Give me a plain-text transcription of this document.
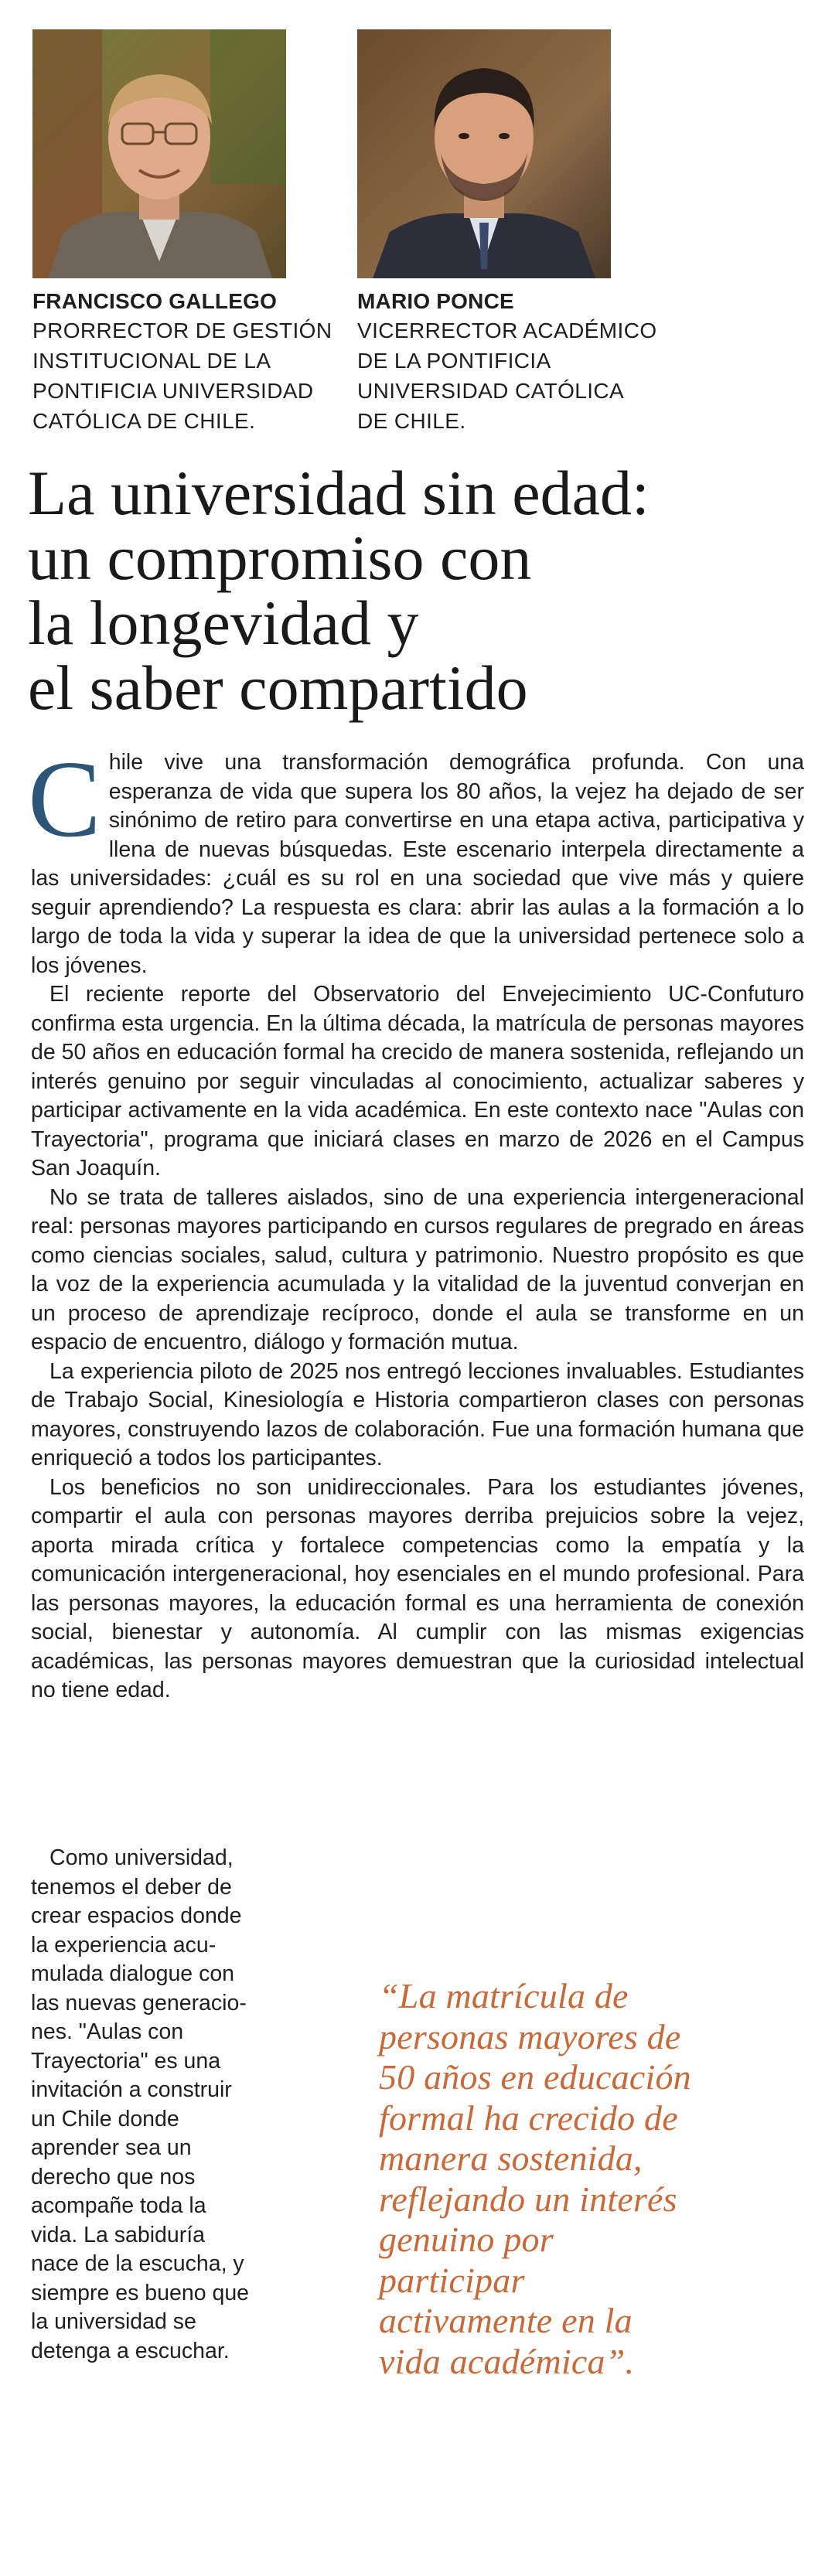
FRANCISCO GALLEGO
PRORRECTOR DE GESTIÓN
INSTITUCIONAL DE LA
PONTIFICIA UNIVERSIDAD
CATÓLICA DE CHILE.
MARIO PONCE
VICERRECTOR ACADÉMICO
DE LA PONTIFICIA
UNIVERSIDAD CATÓLICA
DE CHILE.
La universidad sin edad:
un compromiso con
la longevidad y
el saber compartido

Chile vive una transformación demográfica profunda. Con una esperanza de vida que supera los 80 años, la vejez ha dejado de ser sinónimo de retiro para convertirse en una etapa activa, participativa y llena de nuevas búsquedas. Este escenario interpela directamente a las universidades: ¿cuál es su rol en una sociedad que vive más y quiere seguir aprendiendo? La respuesta es clara: abrir las aulas a la formación a lo largo de toda la vida y superar la idea de que la universidad pertenece solo a los jóvenes.

El reciente reporte del Observatorio del Envejecimiento UC-Confuturo confirma esta urgencia. En la última década, la matrícula de personas mayores de 50 años en educación formal ha crecido de manera sostenida, reflejando un interés genuino por seguir vinculadas al conocimiento, actualizar saberes y participar activamente en la vida académica. En este contexto nace "Aulas con Trayectoria", programa que iniciará clases en marzo de 2026 en el Campus San Joaquín.

No se trata de talleres aislados, sino de una experiencia intergeneracional real: personas mayores participando en cursos regulares de pregrado en áreas como ciencias sociales, salud, cultura y patrimonio. Nuestro propósito es que la voz de la experiencia acumulada y la vitalidad de la juventud converjan en un proceso de aprendizaje recíproco, donde el aula se transforme en un espacio de encuentro, diálogo y formación mutua.

La experiencia piloto de 2025 nos entregó lecciones invaluables. Estudiantes de Trabajo Social, Kinesiología e Historia compartieron clases con personas mayores, construyendo lazos de colaboración. Fue una formación humana que enriqueció a todos los participantes.

Los beneficios no son unidireccionales. Para los estudiantes jóvenes, compartir el aula con personas mayores derriba prejuicios sobre la vejez, aporta mirada crítica y fortalece competencias como la empatía y la comunicación intergeneracional, hoy esenciales en el mundo profesional. Para las personas mayores, la educación formal es una herramienta de conexión social, bienestar y autonomía. Al cumplir con las mismas exigencias académicas, las personas mayores demuestran que la curiosidad intelectual no tiene edad.

Como universidad,
tenemos el deber de
crear espacios donde
la experiencia acu-
mulada dialogue con
las nuevas generacio-
nes. "Aulas con
Trayectoria" es una
invitación a construir
un Chile donde
aprender sea un
derecho que nos
acompañe toda la
vida. La sabiduría
nace de la escucha, y
siempre es bueno que
la universidad se
detenga a escuchar.
“La matrícula de
personas mayores de
50 años en educación
formal ha crecido de
manera sostenida,
reflejando un interés
genuino por
participar
activamente en la
vida académica”.
